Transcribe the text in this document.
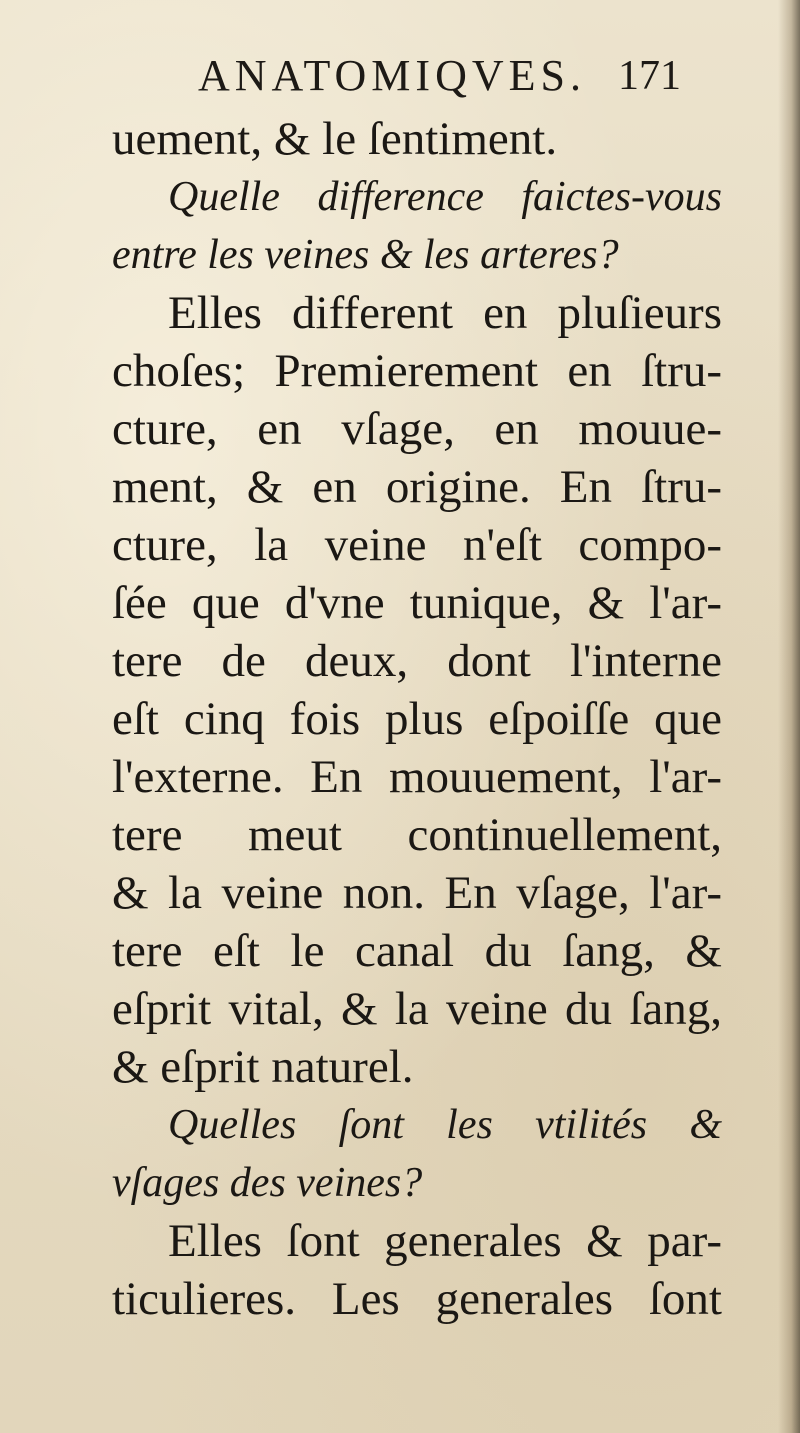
ANATOMIQVES. 171
uement, & le ſentiment.
Quelle difference faictes-vous
entre les veines & les arteres?
Elles different en pluſieurs
choſes; Premierement en ſtru-
cture, en vſage, en mouue-
ment, & en origine. En ſtru-
cture, la veine n'eſt compo-
ſée que d'vne tunique, & l'ar-
tere de deux, dont l'interne
eſt cinq fois plus eſpoiſſe que
l'externe. En mouuement, l'ar-
tere meut continuellement,
& la veine non. En vſage, l'ar-
tere eſt le canal du ſang, &
eſprit vital, & la veine du ſang,
& eſprit naturel.
Quelles ſont les vtilités &
vſages des veines?
Elles ſont generales & par-
ticulieres. Les generales ſont
